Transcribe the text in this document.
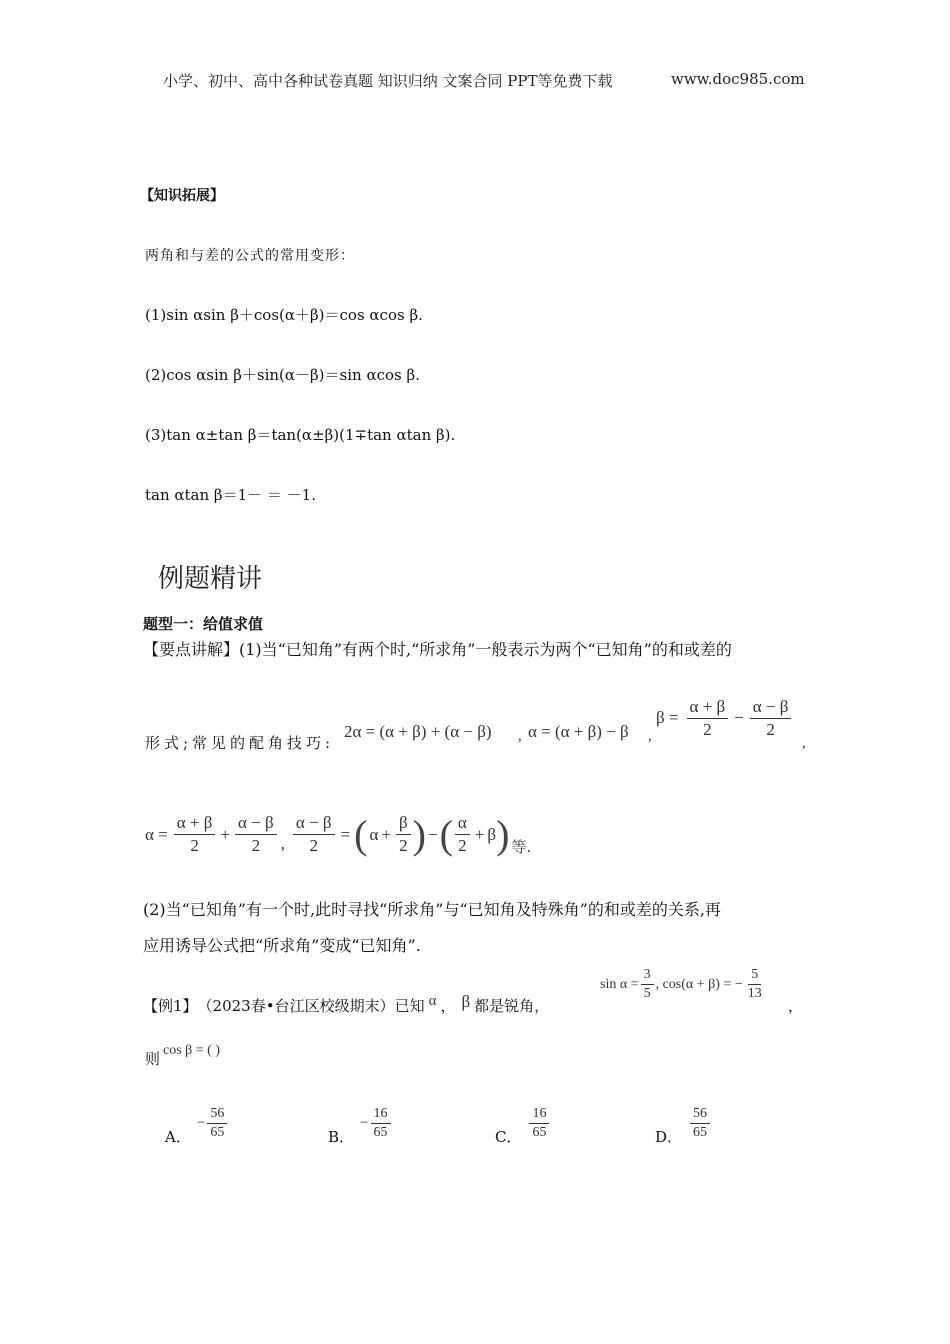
小学、初中、高中各种试卷真题 知识归纳 文案合同 PPT等免费下载	www.doc985.com
【知识拓展】
两角和与差的公式的常用变形：
(1)sin αsin β＋cos(α＋β)＝cos αcos β.
(2)cos αsin β＋sin(α－β)＝sin αcos β.
(3)tan α±tan β＝tan(α±β)(1∓tan αtan β).
tan αtan β＝1－ ＝ －1.
例题精讲
题型一：给值求值
【要点讲解】(1)当“已知角”有两个时,“所求角”一般表示为两个“已知角”的和或差的
形式;常见的配角技巧:
2α = (α + β) + (α − β) , α = (α + β) − β ,
$\beta = \frac{\alpha + \beta}{2} - \frac{\alpha - \beta}{2}$
,
$\alpha = \frac{\alpha + \beta}{2} + \frac{\alpha - \beta}{2}$ , $\frac{\alpha - \beta}{2}$ = ( $\alpha + \frac{\beta}{2}$ ) − ( $\frac{\alpha}{2} + \beta$ ) 等.
(2)当“已知角”有一个时,此时寻找“所求角”与“已知角及特殊角”的和或差的关系,再
应用诱导公式把“所求角”变成“已知角”.
【例1】 （2023春•台江区校级期末）已知 α ， β 都是锐角，
$\sin \alpha = \frac{3}{5}$ , cos(α + β) = − $\frac{5}{13}$
，
则 cos β = ( )
A．
− $\frac{56}{65}$	B．
− $\frac{16}{65}$	C． $\frac{16}{65}$	D． $\frac{56}{65}$
